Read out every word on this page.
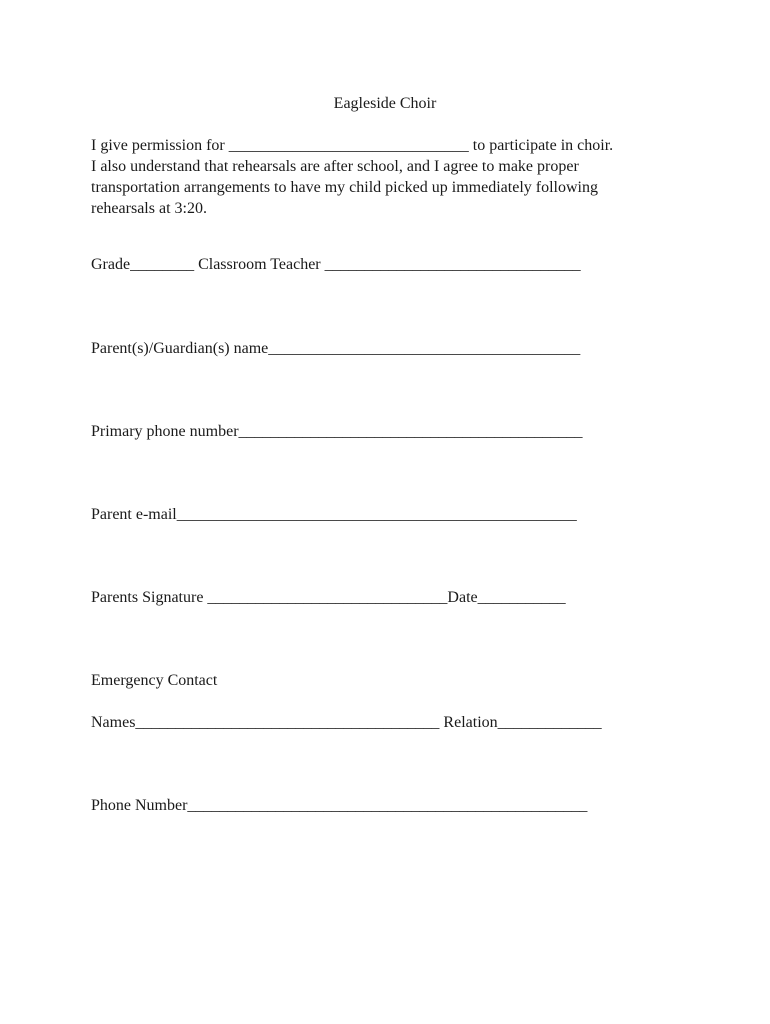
Eagleside Choir
I give permission for ______________________________ to participate in choir.
I also understand that rehearsals are after school, and I agree to make proper
transportation arrangements to have my child picked up immediately following
rehearsals at 3:20.
Grade________ Classroom Teacher ________________________________
Parent(s)/Guardian(s) name_______________________________________
Primary phone number___________________________________________
Parent e-mail__________________________________________________
Parents Signature ______________________________Date___________
Emergency Contact
Names______________________________________ Relation_____________
Phone Number__________________________________________________
